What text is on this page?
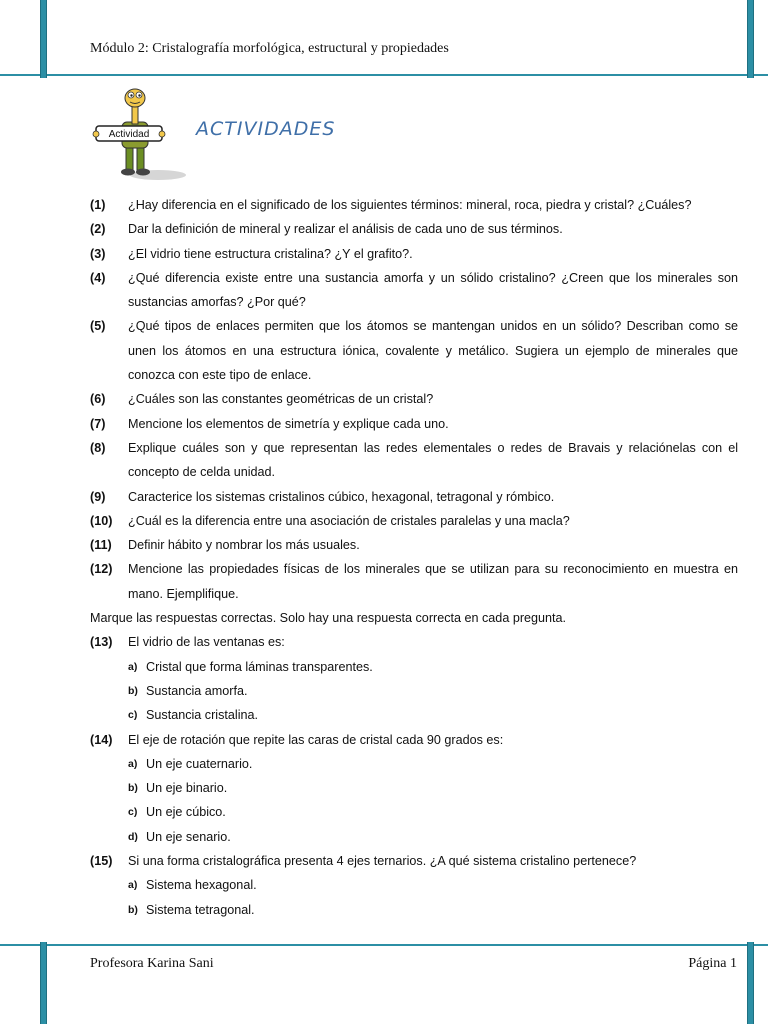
Módulo 2: Cristalografía morfológica, estructural y propiedades
Actividad ACTIVIDADES
(1)	¿Hay diferencia en el significado de los siguientes términos: mineral, roca, piedra y cristal? ¿Cuáles?
(2)	Dar la definición de mineral y realizar el análisis de cada uno de sus términos.
(3)	¿El vidrio tiene estructura cristalina? ¿Y el grafito?.
(4)	¿Qué diferencia existe entre una sustancia amorfa y un sólido cristalino? ¿Creen que los minerales son sustancias amorfas? ¿Por qué?
(5)	¿Qué tipos de enlaces permiten que los átomos se mantengan unidos en un sólido? Describan como se unen los átomos en una estructura iónica, covalente y metálico. Sugiera un ejemplo de minerales que conozca con este tipo de enlace.
(6)	¿Cuáles son las constantes geométricas de un cristal?
(7)	Mencione los elementos de simetría y explique cada uno.
(8)	Explique cuáles son y que representan las redes elementales o redes de Bravais y relaciónelas con el concepto de celda unidad.
(9)	Caracterice los sistemas cristalinos cúbico, hexagonal, tetragonal y rómbico.
(10)	¿Cuál es la diferencia entre una asociación de cristales paralelas y una macla?
(11)	Definir hábito y nombrar los más usuales.
(12)	Mencione las propiedades físicas de los minerales que se utilizan para su reconocimiento en muestra en mano. Ejemplifique.
Marque las respuestas correctas. Solo hay una respuesta correcta en cada pregunta.
(13)	El vidrio de las ventanas es:
a) Cristal que forma láminas transparentes.
b) Sustancia amorfa.
c) Sustancia cristalina.
(14)	El eje de rotación que repite las caras de cristal cada 90 grados es:
a) Un eje cuaternario.
b) Un eje binario.
c) Un eje cúbico.
d) Un eje senario.
(15)	Si una forma cristalográfica presenta 4 ejes ternarios. ¿A qué sistema cristalino pertenece?
a) Sistema hexagonal.
b) Sistema tetragonal.
Profesora Karina Sani	Página 1
